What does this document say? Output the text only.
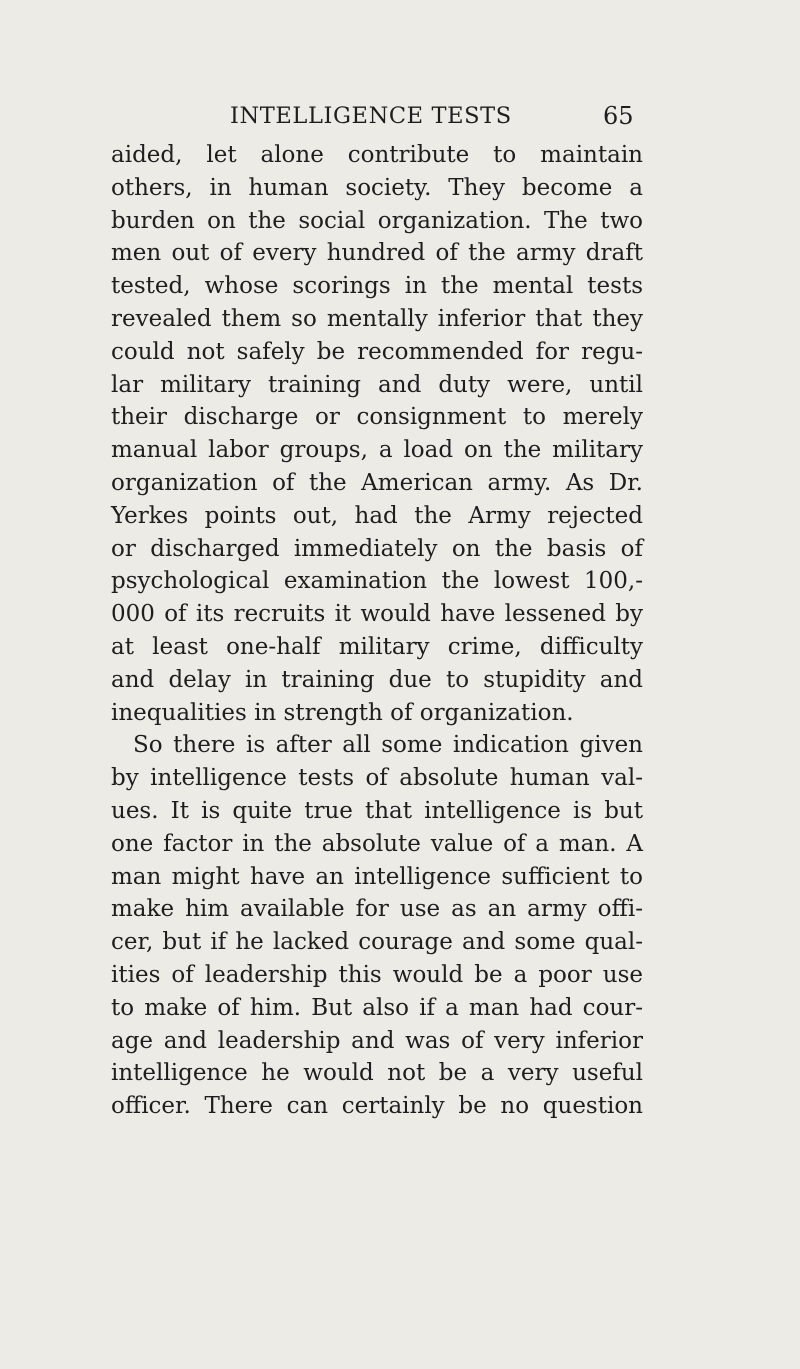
INTELLIGENCE TESTS	65
aided, let alone contribute to maintain
others, in human society. They become a
burden on the social organization. The two
men out of every hundred of the army draft
tested, whose scorings in the mental tests
revealed them so mentally inferior that they
could not safely be recommended for regu-
lar military training and duty were, until
their discharge or consignment to merely
manual labor groups, a load on the military
organization of the American army. As Dr.
Yerkes points out, had the Army rejected
or discharged immediately on the basis of
psychological examination the lowest 100,-
000 of its recruits it would have lessened by
at least one-half military crime, difficulty
and delay in training due to stupidity and
inequalities in strength of organization.
So there is after all some indication given
by intelligence tests of absolute human val-
ues. It is quite true that intelligence is but
one factor in the absolute value of a man. A
man might have an intelligence sufficient to
make him available for use as an army offi-
cer, but if he lacked courage and some qual-
ities of leadership this would be a poor use
to make of him. But also if a man had cour-
age and leadership and was of very inferior
intelligence he would not be a very useful
officer. There can certainly be no question
